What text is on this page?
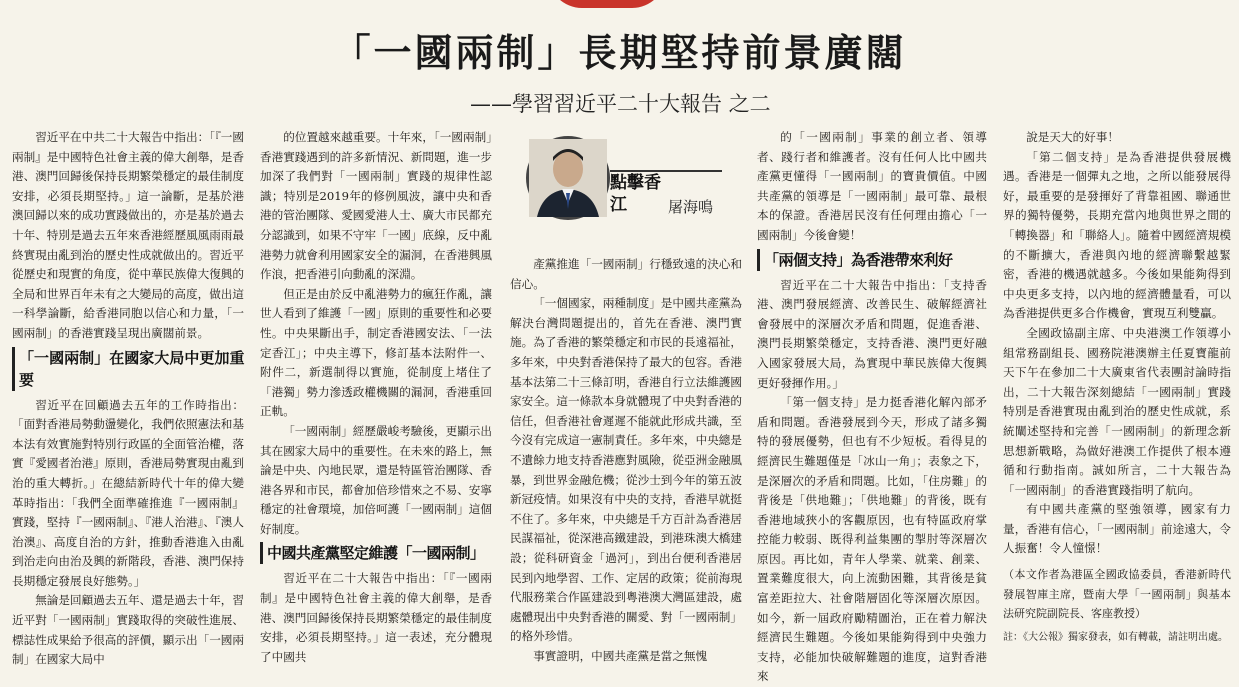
「一國兩制」長期堅持前景廣闊
——學習習近平二十大報告 之二

習近平在中共二十大報告中指出：「『一國兩制』是中國特色社會主義的偉大創舉，是香港、澳門回歸後保持長期繁榮穩定的最佳制度安排，必須長期堅持。」這一論斷，是基於港澳回歸以來的成功實踐做出的，亦是基於過去十年、特別是過去五年來香港經歷風風雨雨最終實現由亂到治的歷史性成就做出的。習近平從歷史和現實的角度，從中華民族偉大復興的全局和世界百年未有之大變局的高度，做出這一科學論斷，給香港同胞以信心和力量，「一國兩制」的香港實踐呈現出廣闊前景。

「一國兩制」在國家大局中更加重要

習近平在回顧過去五年的工作時指出：「面對香港局勢動盪變化，我們依照憲法和基本法有效實施對特別行政區的全面管治權，落實『愛國者治港』原則，香港局勢實現由亂到治的重大轉折。」在總結新時代十年的偉大變革時指出：「我們全面準確推進『一國兩制』實踐，堅持『一國兩制』、『港人治港』、『澳人治澳』、高度自治的方針，推動香港進入由亂到治走向由治及興的新階段，香港、澳門保持長期穩定發展良好態勢。」

無論是回顧過去五年、還是過去十年，習近平對「一國兩制」實踐取得的突破性進展、標誌性成果給予很高的評價，顯示出「一國兩制」在國家大局中

的位置越來越重要。十年來，「一國兩制」香港實踐遇到的許多新情況、新問題，進一步加深了我們對「一國兩制」實踐的規律性認識；特別是2019年的修例風波，讓中央和香港的管治團隊、愛國愛港人士、廣大市民都充分認識到，如果不守牢「一國」底線，反中亂港勢力就會利用國家安全的漏洞，在香港興風作浪，把香港引向動亂的深淵。

但正是由於反中亂港勢力的瘋狂作亂，讓世人看到了維護「一國」原則的重要性和必要性。中央果斷出手，制定香港國安法、「一法定香江」；中央主導下，修訂基本法附件一、附件二，新選制得以實施，從制度上堵住了「港獨」勢力滲透政權機關的漏洞，香港重回正軌。

「一國兩制」經歷嚴峻考驗後，更顯示出其在國家大局中的重要性。在未來的路上，無論是中央、內地民眾，還是特區管治團隊、香港各界和市民，都會加倍珍惜來之不易、安寧穩定的社會環境，加倍呵護「一國兩制」這個好制度。

中國共產黨堅定維護「一國兩制」

習近平在二十大報告中指出：「『一國兩制』是中國特色社會主義的偉大創舉，是香港、澳門回歸後保持長期繁榮穩定的最佳制度安排，必須長期堅持。」這一表述，充分體現了中國共

點擊香江	屠海鳴

產黨推進「一國兩制」行穩致遠的決心和信心。

「一個國家，兩種制度」是中國共產黨為解決台灣問題提出的，首先在香港、澳門實施。為了香港的繁榮穩定和市民的長遠福祉，多年來，中央對香港保持了最大的包容。香港基本法第二十三條訂明，香港自行立法維護國家安全。這一條款本身就體現了中央對香港的信任，但香港社會遲遲不能就此形成共識，至今沒有完成這一憲制責任。多年來，中央總是不遺餘力地支持香港應對風險，從亞洲金融風暴，到世界金融危機；從沙士到今年的第五波新冠疫情。如果沒有中央的支持，香港早就挺不住了。多年來，中央總是千方百計為香港居民謀福祉，從深港高鐵建設，到港珠澳大橋建設；從科研資金「過河」，到出台便利香港居民到內地學習、工作、定居的政策；從前海現代服務業合作區建設到粵港澳大灣區建設，處處體現出中央對香港的關愛、對「一國兩制」的格外珍惜。

事實證明，中國共產黨是當之無愧

的「一國兩制」事業的創立者、領導者、踐行者和維護者。沒有任何人比中國共產黨更懂得「一國兩制」的寶貴價值。中國共產黨的領導是「一國兩制」最可靠、最根本的保證。香港居民沒有任何理由擔心「一國兩制」今後會變！

「兩個支持」為香港帶來利好

習近平在二十大報告中指出：「支持香港、澳門發展經濟、改善民生、破解經濟社會發展中的深層次矛盾和問題，促進香港、澳門長期繁榮穩定，支持香港、澳門更好融入國家發展大局，為實現中華民族偉大復興更好發揮作用。」

「第一個支持」是力挺香港化解內部矛盾和問題。香港發展到今天，形成了諸多獨特的發展優勢，但也有不少短板。看得見的經濟民生難題僅是「冰山一角」；表象之下，是深層次的矛盾和問題。比如，「住房難」的背後是「供地難」；「供地難」的背後，既有香港地域狹小的客觀原因，也有特區政府掌控能力較弱、既得利益集團的掣肘等深層次原因。再比如，青年人學業、就業、創業、置業難度很大，向上流動困難，其背後是貧富差距拉大、社會階層固化等深層次原因。如今，新一屆政府勵精圖治，正在着力解決經濟民生難題。今後如果能夠得到中央強力支持，必能加快破解難題的進度，這對香港來

說是天大的好事！

「第二個支持」是為香港提供發展機遇。香港是一個彈丸之地，之所以能發展得好，最重要的是發揮好了背靠祖國、聯通世界的獨特優勢，長期充當內地與世界之間的「轉換器」和「聯絡人」。隨着中國經濟規模的不斷擴大，香港與內地的經濟聯繫越緊密，香港的機遇就越多。今後如果能夠得到中央更多支持，以內地的經濟體量看，可以為香港提供更多合作機會，實現互利雙贏。

全國政協副主席、中央港澳工作領導小組常務副組長、國務院港澳辦主任夏寶龍前天下午在參加二十大廣東省代表團討論時指出，二十大報告深刻總結「一國兩制」實踐特別是香港實現由亂到治的歷史性成就，系統闡述堅持和完善「一國兩制」的新理念新思想新戰略，為做好港澳工作提供了根本遵循和行動指南。誠如所言，二十大報告為「一國兩制」的香港實踐指明了航向。

有中國共產黨的堅強領導，國家有力量，香港有信心，「一國兩制」前途遠大，令人振奮！令人憧憬！

（本文作者為港區全國政協委員，香港新時代發展智庫主席，暨南大學「一國兩制」與基本法研究院副院長、客座教授）

註：《大公報》獨家發表，如有轉載，請註明出處。
